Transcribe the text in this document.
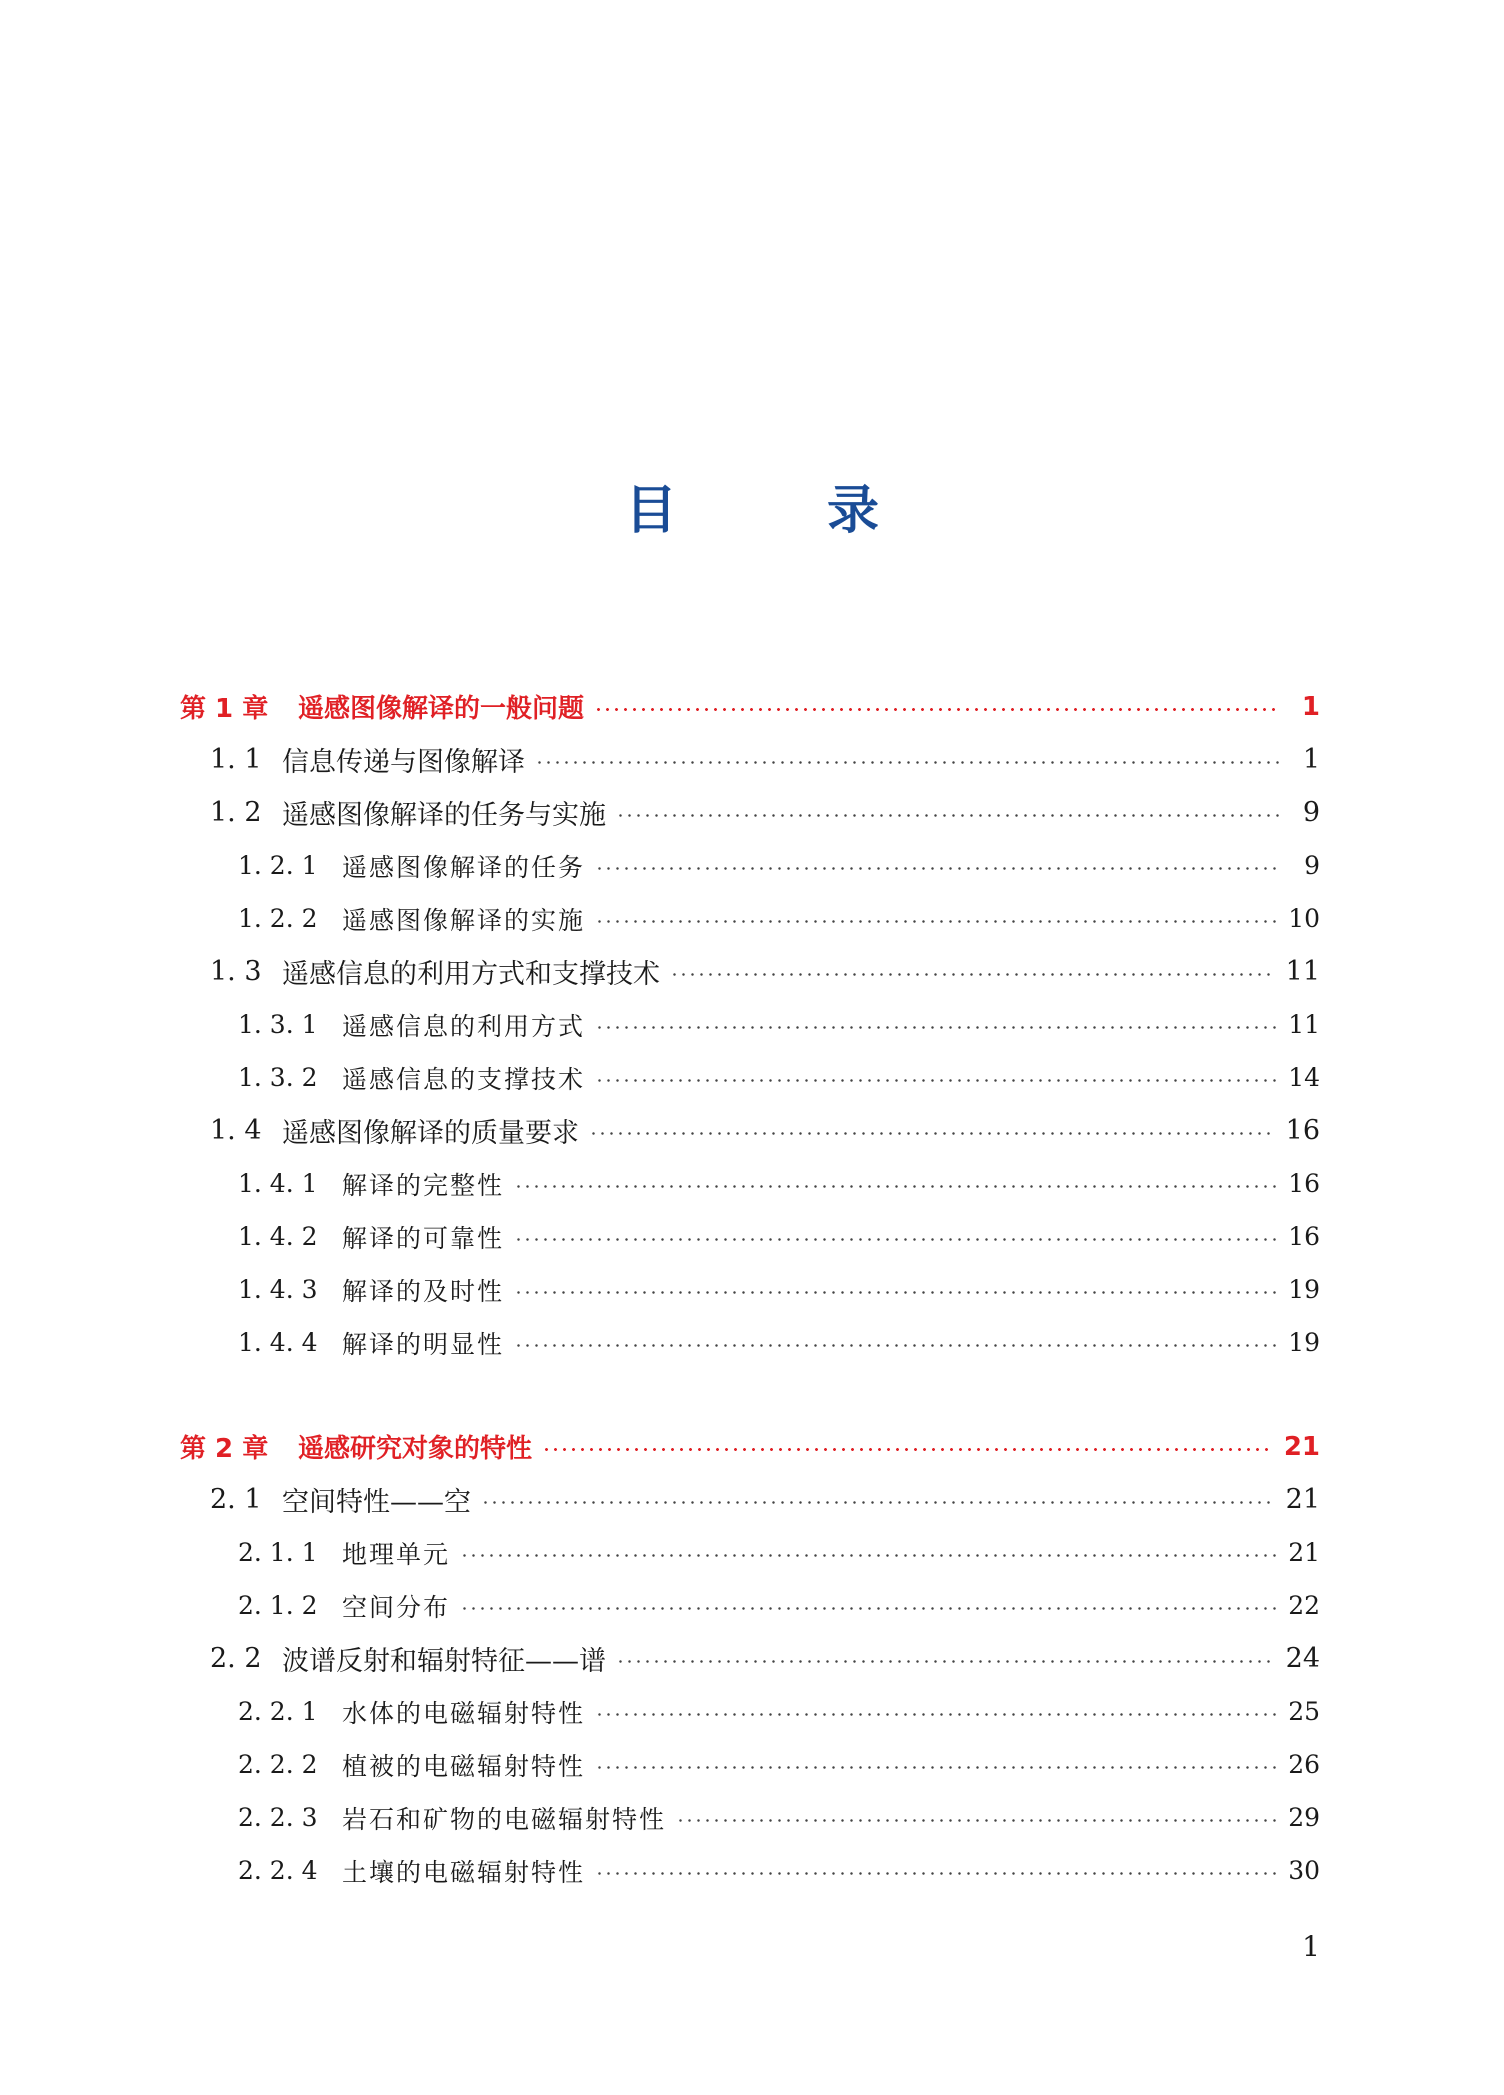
目	录
第 1 章	遥感图像解译的一般问题	1
1. 1 信息传递与图像解译	1
1. 2 遥感图像解译的任务与实施	9
1. 2. 1 遥感图像解译的任务	9
1. 2. 2 遥感图像解译的实施	10
1. 3 遥感信息的利用方式和支撑技术	11
1. 3. 1 遥感信息的利用方式	11
1. 3. 2 遥感信息的支撑技术	14
1. 4 遥感图像解译的质量要求	16
1. 4. 1 解译的完整性	16
1. 4. 2 解译的可靠性	16
1. 4. 3 解译的及时性	19
1. 4. 4 解译的明显性	19
第 2 章	遥感研究对象的特性	21
2. 1 空间特性——空	21
2. 1. 1 地理单元	21
2. 1. 2 空间分布	22
2. 2 波谱反射和辐射特征——谱	24
2. 2. 1 水体的电磁辐射特性	25
2. 2. 2 植被的电磁辐射特性	26
2. 2. 3 岩石和矿物的电磁辐射特性	29
2. 2. 4 土壤的电磁辐射特性	30
1
